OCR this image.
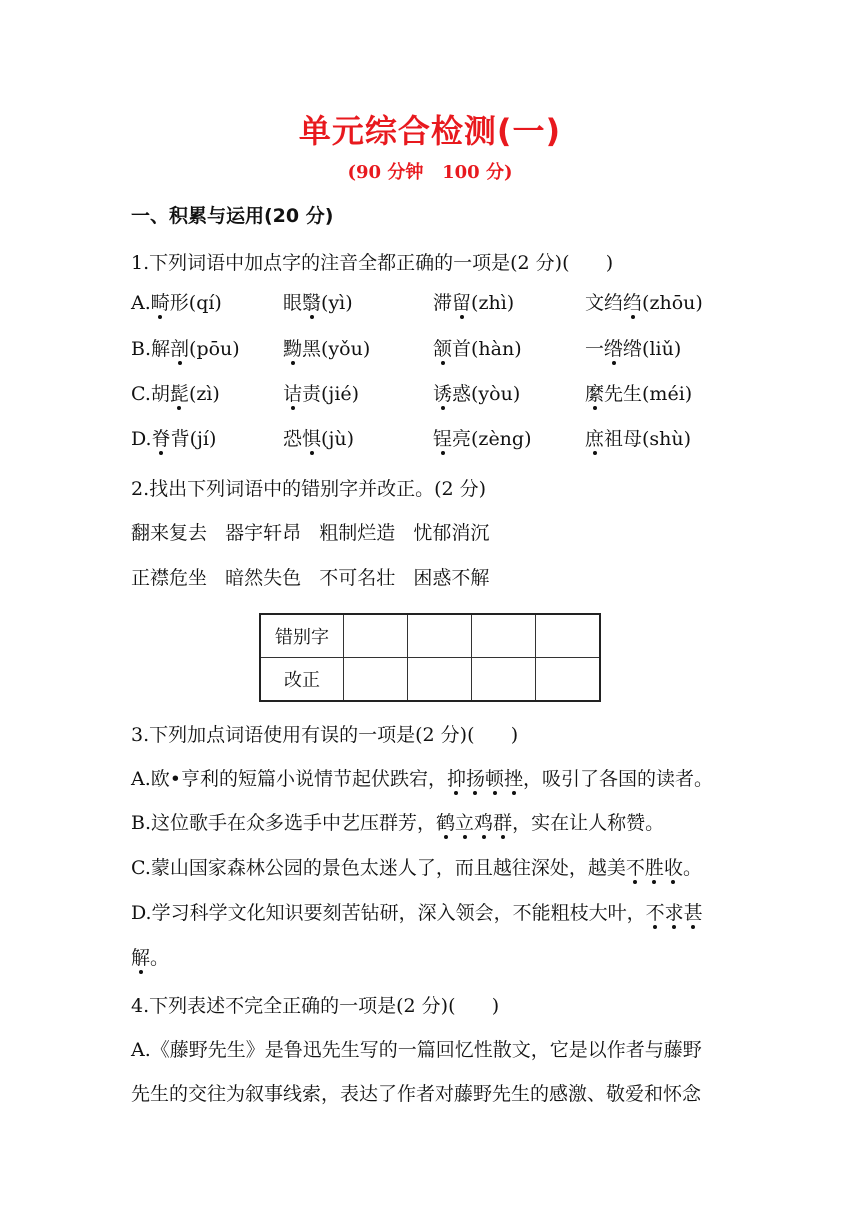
单元综合检测(一)
(90 分钟   100 分)
一、积累与运用(20 分)
1.下列词语中加点字的注音全都正确的一项是(2 分)(      )
A.畸形(qí)	眼翳(yì)	滞留(zhì)	文绉绉(zhōu)
B.解剖(pōu) 黝黑(yǒu)	颔首(hàn)	一绺绺(liǔ)
C.胡髭(zì)	诘责(jié)	诱惑(yòu)	縻先生(méi)
D.脊背(jí)	恐惧(jù)	锃亮(zèng)	庶祖母(shù)
2.找出下列词语中的错别字并改正。(2 分)
翻来复去   器宇轩昂   粗制烂造   忧郁消沉
正襟危坐   暗然失色   不可名壮   困惑不解
错别字				
改正				
3.下列加点词语使用有误的一项是(2 分)(      )
A.欧•亨利的短篇小说情节起伏跌宕，抑扬顿挫，吸引了各国的读者。
B.这位歌手在众多选手中艺压群芳，鹤立鸡群，实在让人称赞。
C.蒙山国家森林公园的景色太迷人了，而且越往深处，越美不胜收。
D.学习科学文化知识要刻苦钻研，深入领会，不能粗枝大叶，不求甚
解。
4.下列表述不完全正确的一项是(2 分)(      )
A.《藤野先生》是鲁迅先生写的一篇回忆性散文，它是以作者与藤野
先生的交往为叙事线索，表达了作者对藤野先生的感激、敬爱和怀念
